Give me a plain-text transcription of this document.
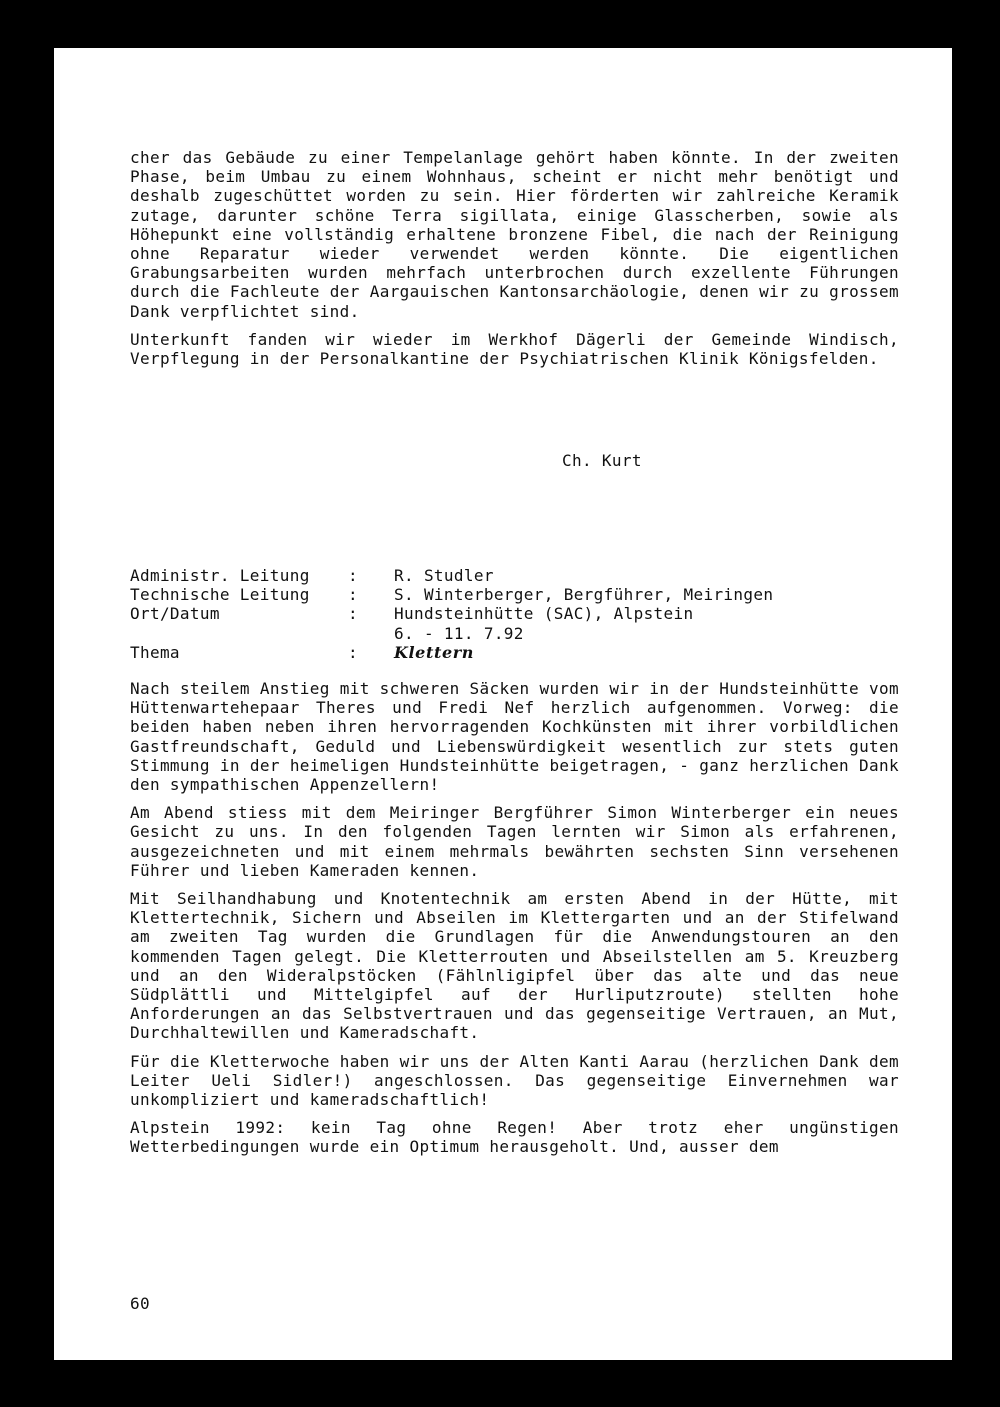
cher das Gebäude zu einer Tempelanlage gehört haben könnte. In der zweiten Phase, beim Umbau zu einem Wohnhaus, scheint er nicht mehr benötigt und deshalb zugeschüttet worden zu sein. Hier förderten wir zahlreiche Keramik zutage, darunter schöne Terra sigillata, einige Glasscherben, sowie als Höhepunkt eine vollständig erhaltene bronzene Fibel, die nach der Reinigung ohne Reparatur wieder verwendet werden könnte. Die eigentlichen Grabungsarbeiten wurden mehrfach unterbrochen durch exzellente Führungen durch die Fachleute der Aargauischen Kantonsarchäologie, denen wir zu grossem Dank verpflichtet sind.

Unterkunft fanden wir wieder im Werkhof Dägerli der Gemeinde Windisch, Verpflegung in der Personalkantine der Psychiatrischen Klinik Königsfelden.

Ch. Kurt
Administr. Leitung	:	R. Studler
Technische Leitung	:	S. Winterberger, Bergführer, Meiringen
Ort/Datum	:	Hundsteinhütte (SAC), Alpstein
6. - 11. 7.92
Thema	:	Klettern

Nach steilem Anstieg mit schweren Säcken wurden wir in der Hundsteinhütte vom Hüttenwartehepaar Theres und Fredi Nef herzlich aufgenommen. Vorweg: die beiden haben neben ihren hervorragenden Kochkünsten mit ihrer vorbildlichen Gastfreundschaft, Geduld und Liebenswürdigkeit wesentlich zur stets guten Stimmung in der heimeligen Hundsteinhütte beigetragen, - ganz herzlichen Dank den sympathischen Appenzellern!

Am Abend stiess mit dem Meiringer Bergführer Simon Winterberger ein neues Gesicht zu uns. In den folgenden Tagen lernten wir Simon als erfahrenen, ausgezeichneten und mit einem mehrmals bewährten sechsten Sinn versehenen Führer und lieben Kameraden kennen.

Mit Seilhandhabung und Knotentechnik am ersten Abend in der Hütte, mit Klettertechnik, Sichern und Abseilen im Klettergarten und an der Stifelwand am zweiten Tag wurden die Grundlagen für die Anwendungstouren an den kommenden Tagen gelegt. Die Kletterrouten und Abseilstellen am 5. Kreuzberg und an den Wideralpstöcken (Fählnligipfel über das alte und das neue Südplättli und Mittelgipfel auf der Hurliputzroute) stellten hohe Anforderungen an das Selbstvertrauen und das gegenseitige Vertrauen, an Mut, Durchhaltewillen und Kameradschaft.

Für die Kletterwoche haben wir uns der Alten Kanti Aarau (herzlichen Dank dem Leiter Ueli Sidler!) angeschlossen. Das gegenseitige Einvernehmen war unkompliziert und kameradschaftlich!

Alpstein 1992: kein Tag ohne Regen! Aber trotz eher ungünstigen Wetterbedingungen wurde ein Optimum herausgeholt. Und, ausser dem

60
